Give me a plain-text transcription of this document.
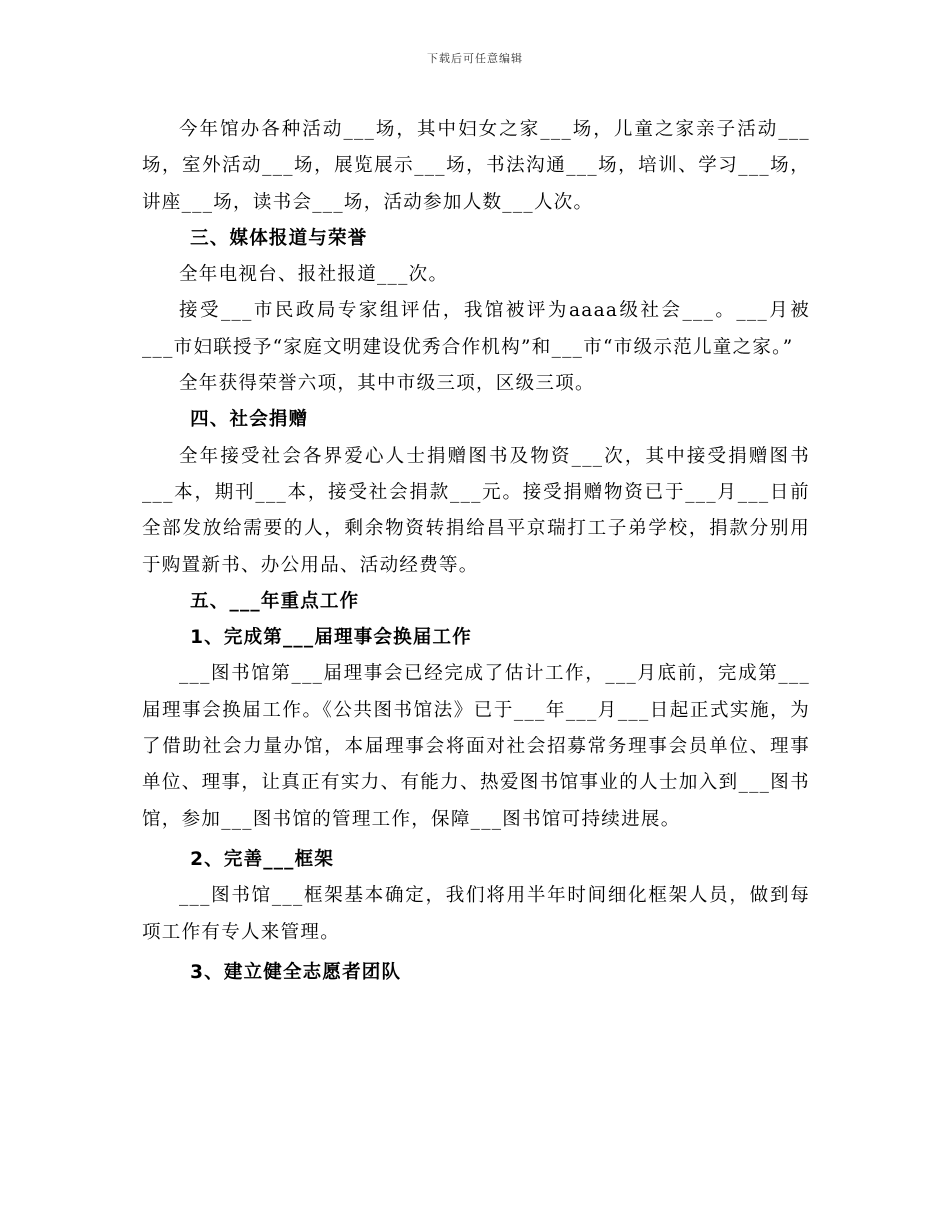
下载后可任意编辑

今年馆办各种活动___场，其中妇女之家___场，儿童之家亲子活动___场，室外活动___场，展览展示___场，书法沟通___场，培训、学习___场，讲座___场，读书会___场，活动参加人数___人次。

三、媒体报道与荣誉

全年电视台、报社报道___次。

接受___市民政局专家组评估，我馆被评为aaaa级社会___。___月被___市妇联授予“家庭文明建设优秀合作机构”和___市“市级示范儿童之家。”

全年获得荣誉六项，其中市级三项，区级三项。

四、社会捐赠

全年接受社会各界爱心人士捐赠图书及物资___次，其中接受捐赠图书___本，期刊___本，接受社会捐款___元。接受捐赠物资已于___月___日前全部发放给需要的人，剩余物资转捐给昌平京瑞打工子弟学校，捐款分别用于购置新书、办公用品、活动经费等。

五、___年重点工作

1、完成第___届理事会换届工作

___图书馆第___届理事会已经完成了估计工作，___月底前，完成第___届理事会换届工作。《公共图书馆法》已于___年___月___日起正式实施，为了借助社会力量办馆，本届理事会将面对社会招募常务理事会员单位、理事单位、理事，让真正有实力、有能力、热爱图书馆事业的人士加入到___图书馆，参加___图书馆的管理工作，保障___图书馆可持续进展。

2、完善___框架

___图书馆___框架基本确定，我们将用半年时间细化框架人员，做到每项工作有专人来管理。

3、建立健全志愿者团队
